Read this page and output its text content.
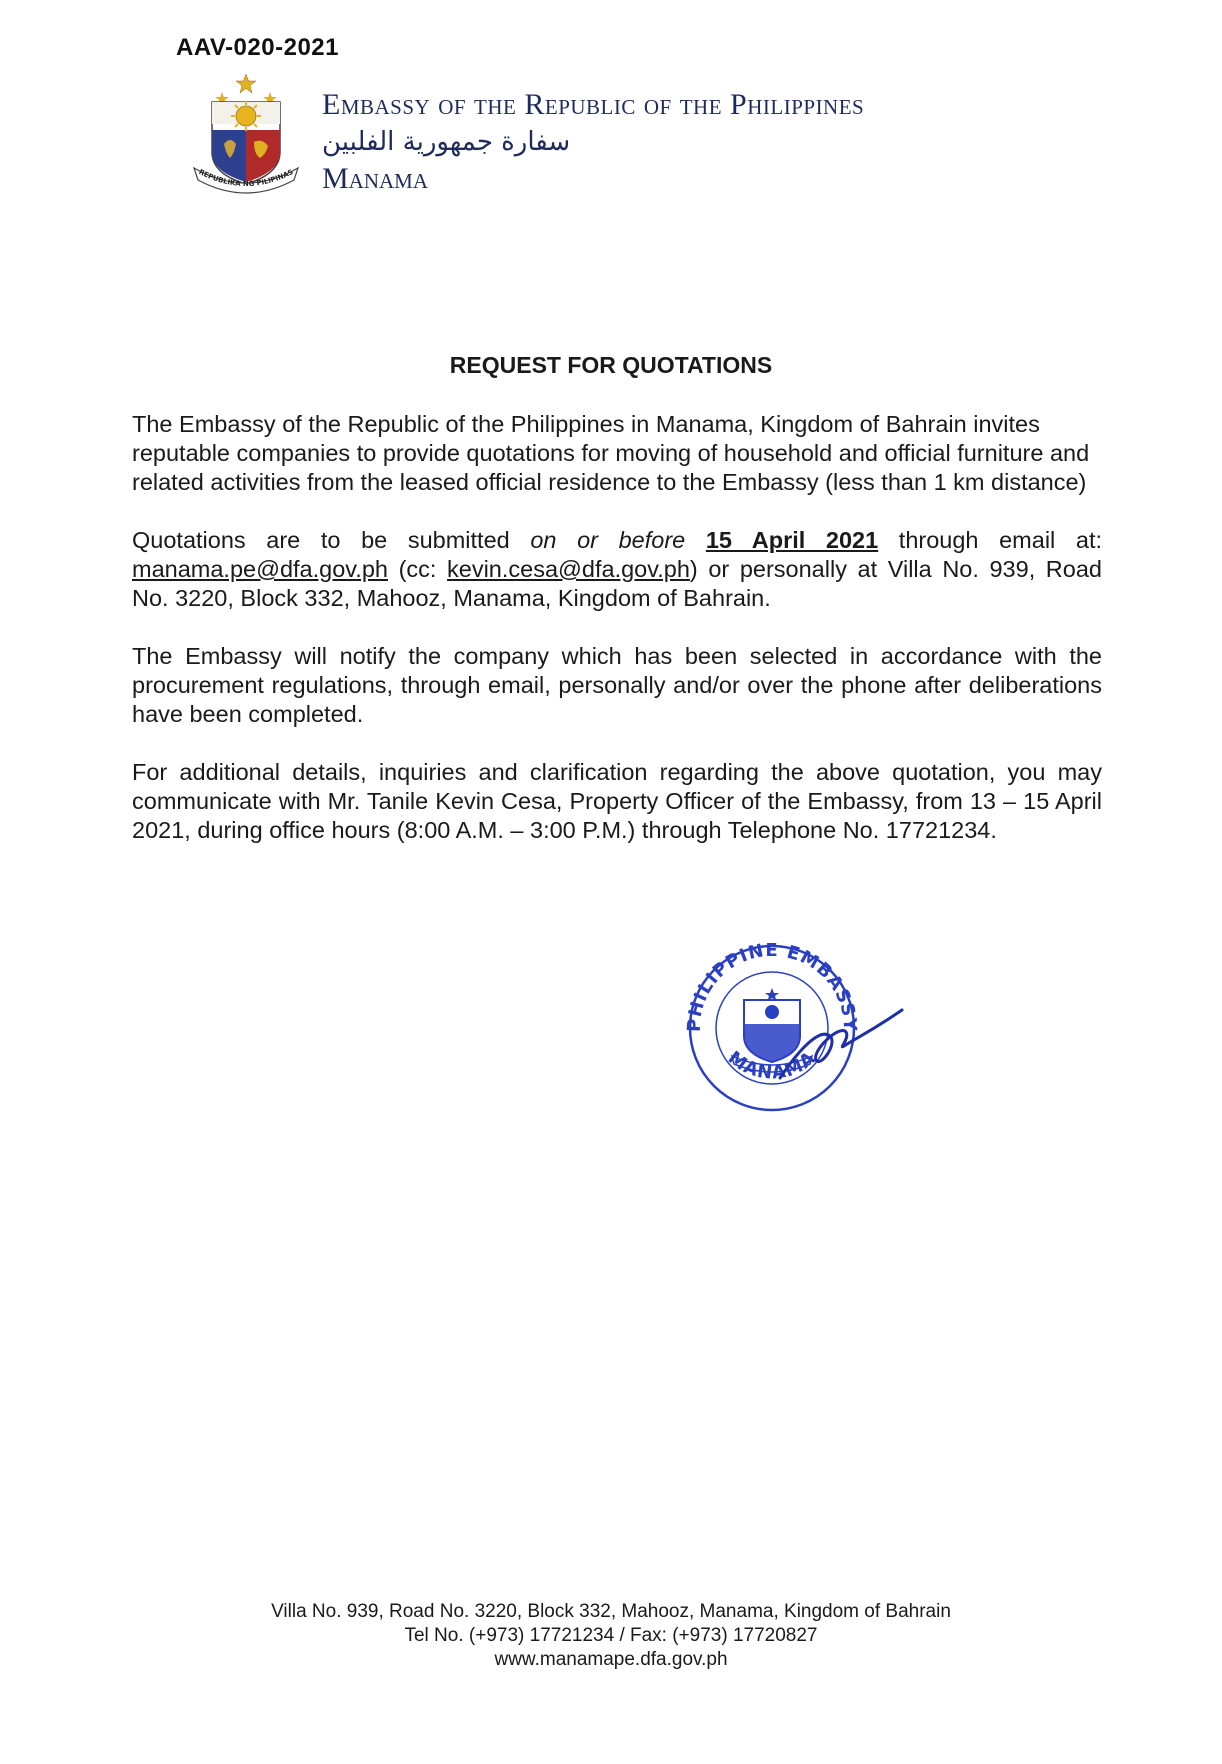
AAV-020-2021
REPUBLIKA NG PILIPINAS

Embassy of the Republic of the Philippines

سفارة جمهورية الفلبين

Manama

REQUEST FOR QUOTATIONS

The Embassy of the Republic of the Philippines in Manama, Kingdom of Bahrain invites reputable companies to provide quotations for moving of household and official furniture and related activities from the leased official residence to the Embassy (less than 1 km distance)

Quotations are to be submitted on or before 15 April 2021 through email at: manama.pe@dfa.gov.ph (cc: kevin.cesa@dfa.gov.ph) or personally at Villa No. 939, Road No. 3220, Block 332, Mahooz, Manama, Kingdom of Bahrain.

The Embassy will notify the company which has been selected in accordance with the procurement regulations, through email, personally and/or over the phone after deliberations have been completed.

For additional details, inquiries and clarification regarding the above quotation, you may communicate with Mr. Tanile Kevin Cesa, Property Officer of the Embassy, from 13 – 15 April 2021, during office hours (8:00 A.M. – 3:00 P.M.) through Telephone No. 17721234.

PHILIPPINE EMBASSY
MANAMA
Villa No. 939, Road No. 3220, Block 332, Mahooz, Manama, Kingdom of Bahrain
Tel No. (+973) 17721234 / Fax: (+973) 17720827
www.manamape.dfa.gov.ph
